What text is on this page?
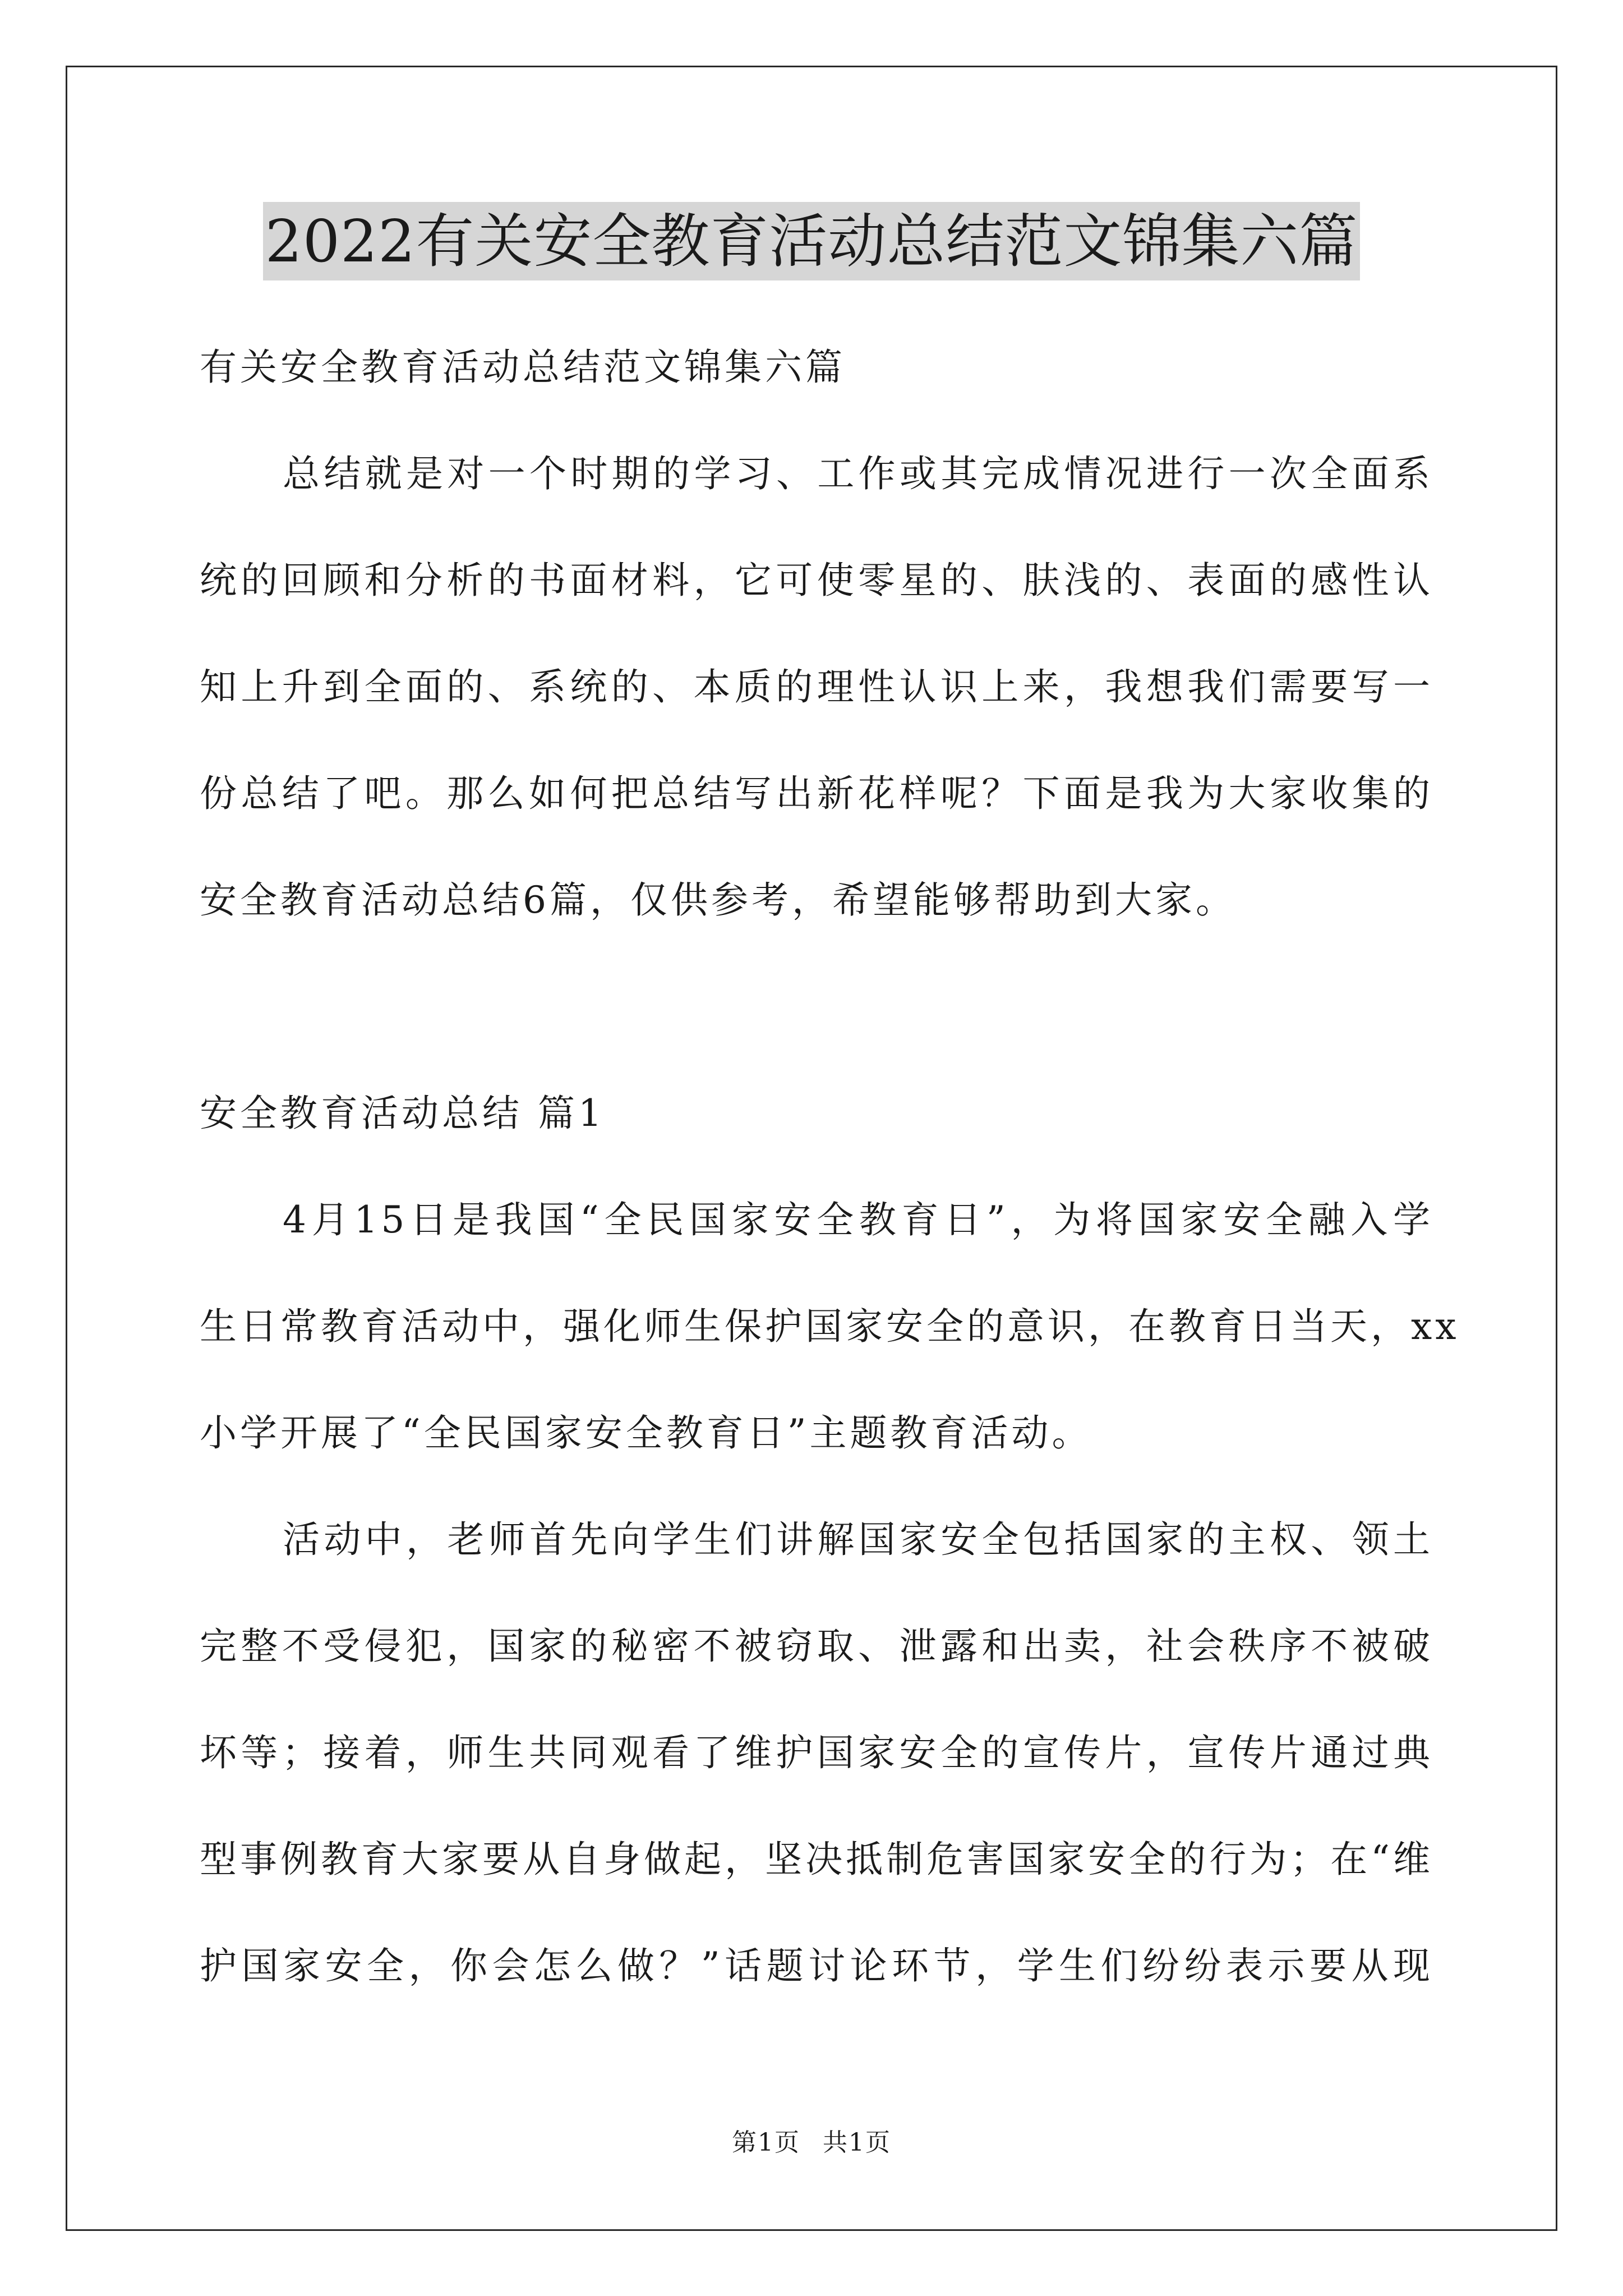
2022有关安全教育活动总结范文锦集六篇
有关安全教育活动总结范文锦集六篇
总结就是对一个时期的学习、工作或其完成情况进行一次全面系
统的回顾和分析的书面材料，它可使零星的、肤浅的、表面的感性认
知上升到全面的、系统的、本质的理性认识上来，我想我们需要写一
份总结了吧。那么如何把总结写出新花样呢？下面是我为大家收集的
安全教育活动总结6篇，仅供参考，希望能够帮助到大家。
安全教育活动总结 篇1
4月15日是我国“全民国家安全教育日”，为将国家安全融入学
生日常教育活动中，强化师生保护国家安全的意识，在教育日当天，xx
小学开展了“全民国家安全教育日”主题教育活动。
活动中，老师首先向学生们讲解国家安全包括国家的主权、领土
完整不受侵犯，国家的秘密不被窃取、泄露和出卖，社会秩序不被破
坏等；接着，师生共同观看了维护国家安全的宣传片，宣传片通过典
型事例教育大家要从自身做起，坚决抵制危害国家安全的行为；在“维
护国家安全，你会怎么做？”话题讨论环节，学生们纷纷表示要从现
第1页 共1页
